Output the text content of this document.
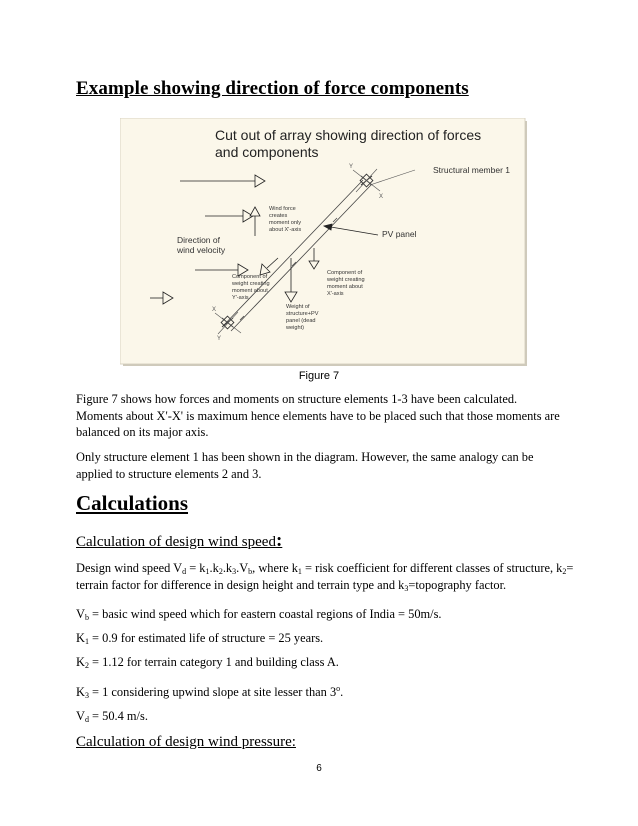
Example showing direction of force components
Cut out of array showing direction of forces
and components
Y
X
X
Y
Structural member 1
PV panel
Direction of
wind velocity
Wind force creates moment only about X'-axis
Component of weight creating moment about Y'-axis
Component of weight creating moment about X'-axis
Weight of structure+PV panel (dead weight)
Figure 7
Figure 7 shows how forces and moments on structure elements 1-3 have been calculated. Moments about X'-X' is maximum hence elements have to be placed such that those moments are balanced on its major axis.
Only structure element 1 has been shown in the diagram. However, the same analogy can be applied to structure elements 2 and 3.
Calculations
Calculation of design wind speed:
Design wind speed $V_d = k_1.k_2.k_3.V_b$, where $k_1$ = risk coefficient for different classes of structure, $k_2=$
terrain factor for difference in design height and terrain type and $k_3=topography$ factor.
$V_b$ = basic wind speed which for eastern coastal regions of India = 50m/s.
$K_1 = 0.9$ for estimated life of structure = 25 years.
$K_2 = 1.12$ for terrain category 1 and building class A.
$K_3 = 1$ considering upwind slope at site lesser than 3$^o$.
$V_d = 50.4$ m/s.
Calculation of design wind pressure:
6
